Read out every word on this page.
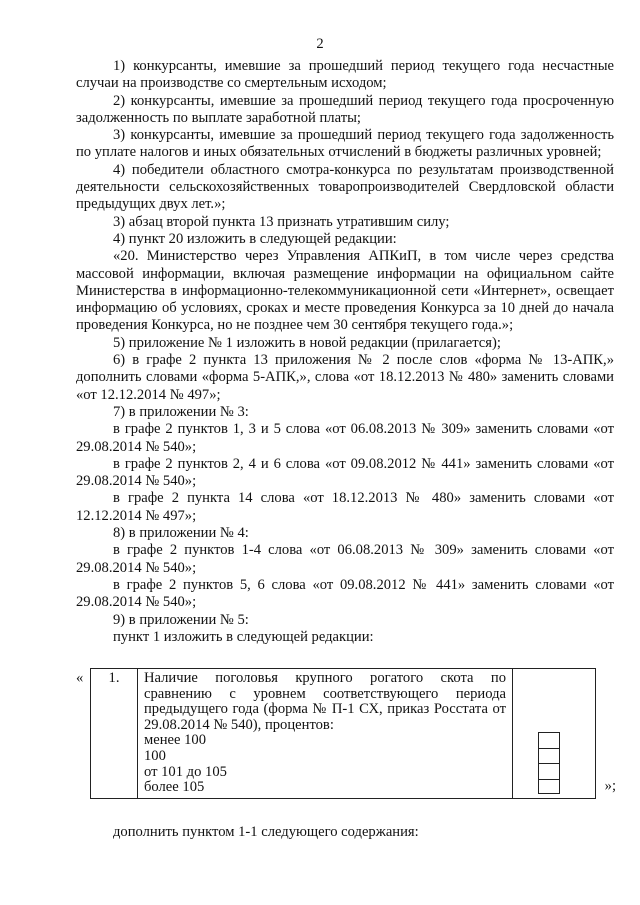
2

1) конкурсанты, имевшие за прошедший период текущего года несчастные случаи на производстве со смертельным исходом;

2) конкурсанты, имевшие за прошедший период текущего года просроченную задолженность по выплате заработной платы;

3) конкурсанты, имевшие за прошедший период текущего года задолженность по уплате налогов и иных обязательных отчислений в бюджеты различных уровней;

4) победители областного смотра-конкурса по результатам производственной деятельности сельскохозяйственных товаропроизводителей Свердловской области предыдущих двух лет.»;

3) абзац второй пункта 13 признать утратившим силу;

4) пункт 20 изложить в следующей редакции:

«20. Министерство через Управления АПКиП, в том числе через средства массовой информации, включая размещение информации на официальном сайте Министерства в информационно-телекоммуникационной сети «Интернет», освещает информацию об условиях, сроках и месте проведения Конкурса за 10 дней до начала проведения Конкурса, но не позднее чем 30 сентября текущего года.»;

5) приложение № 1 изложить в новой редакции (прилагается);

6) в графе 2 пункта 13 приложения № 2 после слов «форма № 13-АПК,» дополнить словами «форма 5-АПК,», слова «от 18.12.2013 № 480» заменить словами «от 12.12.2014 № 497»;

7) в приложении № 3:

в графе 2 пунктов 1, 3 и 5 слова «от 06.08.2013 № 309» заменить словами «от 29.08.2014 № 540»;

в графе 2 пунктов 2, 4 и 6 слова «от 09.08.2012 № 441» заменить словами «от 29.08.2014 № 540»;

в графе 2 пункта 14 слова «от 18.12.2013 № 480» заменить словами «от 12.12.2014 № 497»;

8) в приложении № 4:

в графе 2 пунктов 1-4 слова «от 06.08.2013 № 309» заменить словами «от 29.08.2014 № 540»;

в графе 2 пунктов 5, 6 слова «от 09.08.2012 № 441» заменить словами «от 29.08.2014 № 540»;

9) в приложении № 5:

пункт 1 изложить в следующей редакции:

« 1.	Наличие поголовья крупного рогатого скота по сравнению с уровнем соответствующего периода предыдущего года (форма № П-1 СХ, приказ Росстата от 29.08.2014 № 540), процентов:
менее 100
100
от 101 до 105
более 105
		»;

дополнить пунктом 1-1 следующего содержания:
